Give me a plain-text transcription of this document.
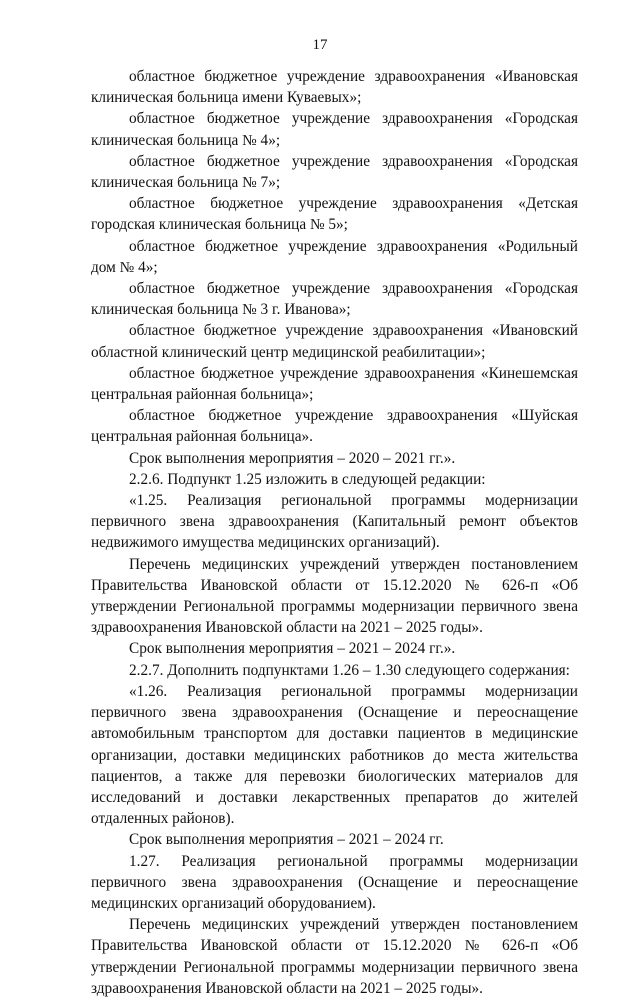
17

областное бюджетное учреждение здравоохранения «Ивановская клиническая больница имени Куваевых»;

областное бюджетное учреждение здравоохранения «Городская клиническая больница № 4»;

областное бюджетное учреждение здравоохранения «Городская клиническая больница № 7»;

областное бюджетное учреждение здравоохранения «Детская городская клиническая больница № 5»;

областное бюджетное учреждение здравоохранения «Родильный дом № 4»;

областное бюджетное учреждение здравоохранения «Городская клиническая больница № 3 г. Иванова»;

областное бюджетное учреждение здравоохранения «Ивановский областной клинический центр медицинской реабилитации»;

областное бюджетное учреждение здравоохранения «Кинешемская центральная районная больница»;

областное бюджетное учреждение здравоохранения «Шуйская центральная районная больница».

Срок выполнения мероприятия – 2020 – 2021 гг.».

2.2.6. Подпункт 1.25 изложить в следующей редакции:

«1.25. Реализация региональной программы модернизации первичного звена здравоохранения (Капитальный ремонт объектов недвижимого имущества медицинских организаций).

Перечень медицинских учреждений утвержден постановлением Правительства Ивановской области от 15.12.2020 № 626-п «Об утверждении Региональной программы модернизации первичного звена здравоохранения Ивановской области на 2021 – 2025 годы».

Срок выполнения мероприятия – 2021 – 2024 гг.».

2.2.7. Дополнить подпунктами 1.26 – 1.30 следующего содержания:

«1.26. Реализация региональной программы модернизации первичного звена здравоохранения (Оснащение и переоснащение автомобильным транспортом для доставки пациентов в медицинские организации, доставки медицинских работников до места жительства пациентов, а также для перевозки биологических материалов для исследований и доставки лекарственных препаратов до жителей отдаленных районов).

Срок выполнения мероприятия – 2021 – 2024 гг.

1.27. Реализация региональной программы модернизации первичного звена здравоохранения (Оснащение и переоснащение медицинских организаций оборудованием).

Перечень медицинских учреждений утвержден постановлением Правительства Ивановской области от 15.12.2020 № 626-п «Об утверждении Региональной программы модернизации первичного звена здравоохранения Ивановской области на 2021 – 2025 годы».
